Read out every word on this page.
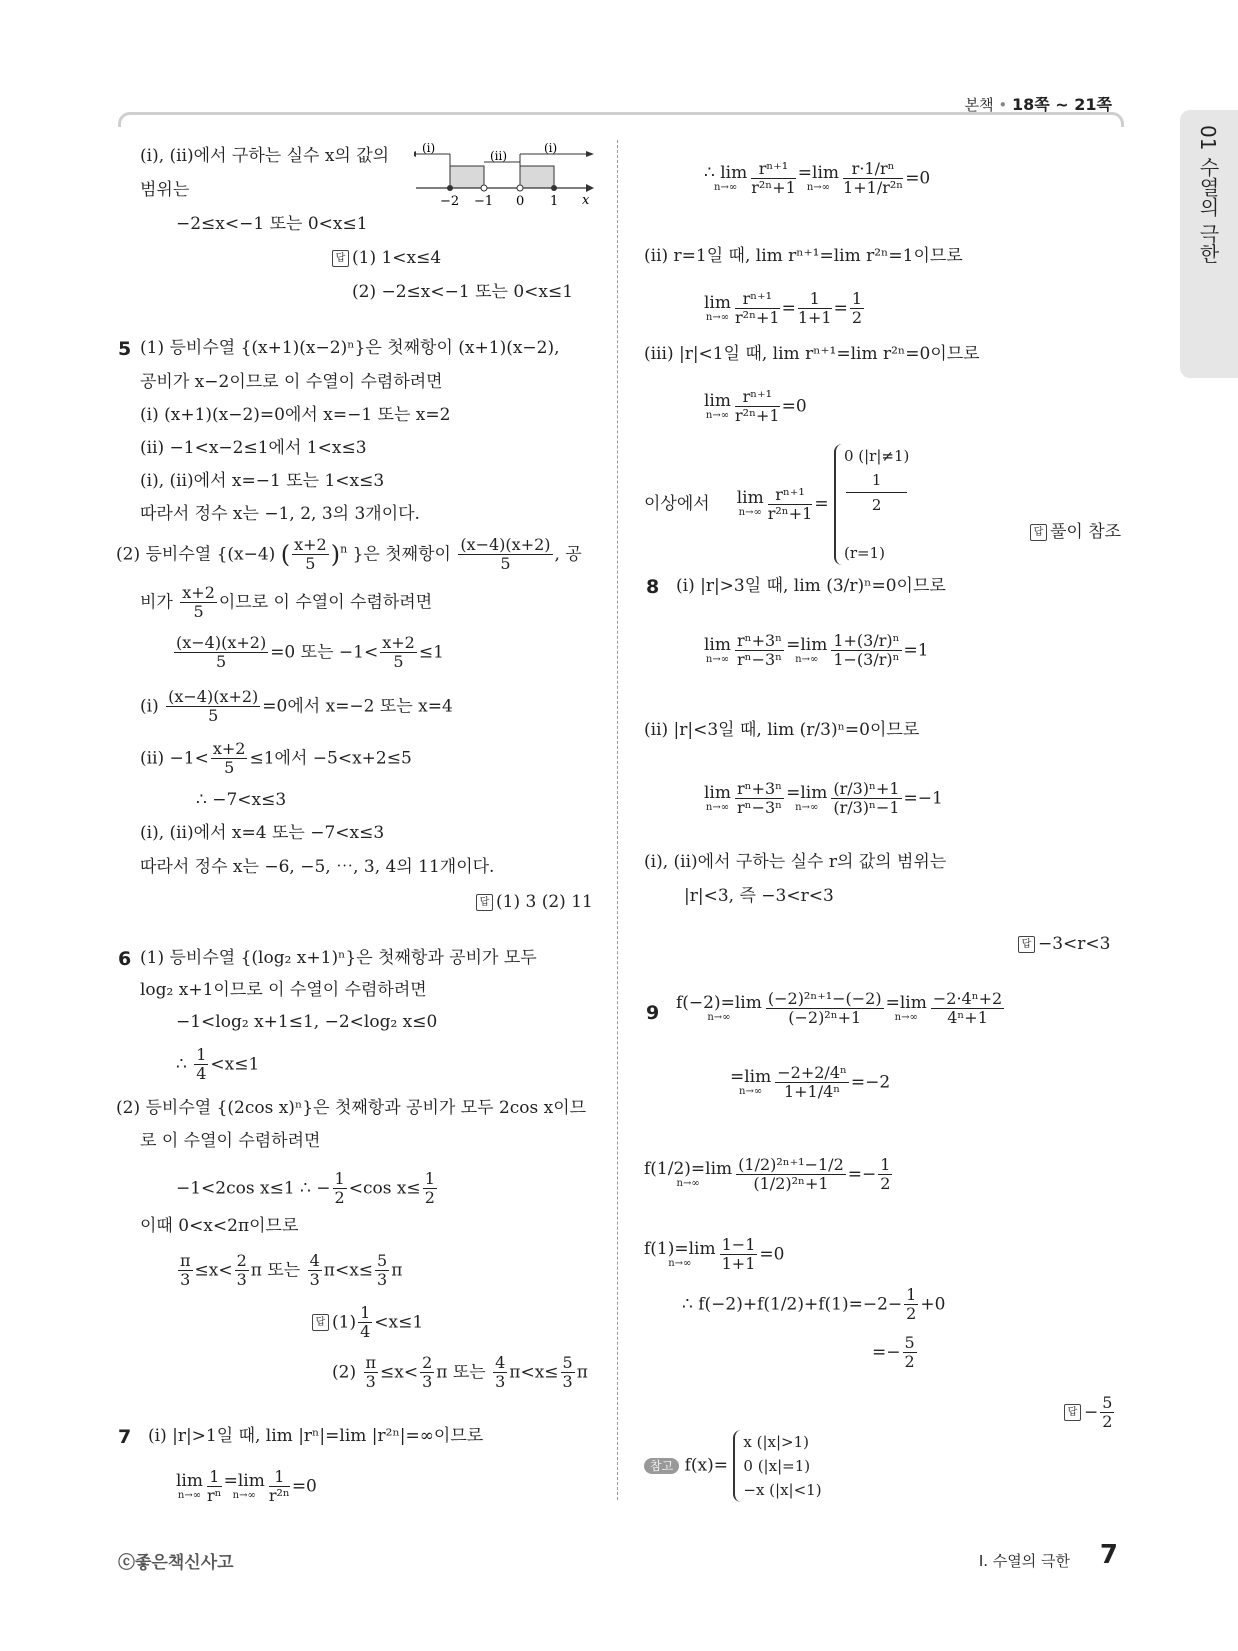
본책 • 18쪽 ~ 21쪽
01 수열의 극한
(ⅰ), (ⅱ)에서 구하는 실수 x의 값의
범위는
−2≤x<−1 또는 0<x≤1
(ⅰ)
(ⅱ)
(ⅰ)
−2 −1 0 1 x
답 (1) 1<x≤4
(2) −2≤x<−1 또는 0<x≤1
5 (1) 등비수열 {(x+1)(x−2)ⁿ}은 첫째항이 (x+1)(x−2),
공비가 x−2이므로 이 수열이 수렴하려면
(ⅰ) (x+1)(x−2)=0에서 x=−1 또는 x=2
(ⅱ) −1<x−2≤1에서 1<x≤3
(ⅰ), (ⅱ)에서 x=−1 또는 1<x≤3
따라서 정수 x는 −1, 2, 3의 3개이다.
(2) 등비수열 {(x−4) ( $\frac{x+2}{5} )^n$ }은 첫째항이 $\frac{(x-4)(x+2)}{5}$ , 공
비가 $\frac{x+2}{5}$ 이므로 이 수열이 수렴하려면
$\frac{(x-4)(x+2)}{5} =0$ 또는 $-1< \frac{x+2}{5} \le 1$
(ⅰ) $\frac{(x-4)(x+2)}{5} =0$에서 x=−2 또는 x=4
(ⅱ) $-1< \frac{x+2}{5} \le 1$에서 −5<x+2≤5
∴ −7<x≤3
(ⅰ), (ⅱ)에서 x=4 또는 −7<x≤3
따라서 정수 x는 −6, −5, ⋯, 3, 4의 11개이다.
답 (1) 3 (2) 11
6 (1) 등비수열 {(log₂ x+1)ⁿ}은 첫째항과 공비가 모두
log₂ x+1이므로 이 수열이 수렴하려면
−1<log₂ x+1≤1, −2<log₂ x≤0
∴ $\frac{1}{4} <x\le 1$
(2) 등비수열 {(2cos x)ⁿ}은 첫째항과 공비가 모두 2cos x이므
로 이 수열이 수렴하려면
−1<2cos x≤1 ∴ − $\frac{1}{2} <\cos$ $x\le \frac{1}{2}$
이때 0<x<2π이므로
$\frac{\pi}{3} \le x< \frac{2}{3}$ π 또는 $\frac{4}{3} \pi<x\le \frac{5}{3}$ π
답 $(1) \frac{1}{4} <x\le 1$
$(2) \frac{\pi}{3} \le x< \frac{2}{3}$ π 또는 $\frac{4}{3} \pi<x\le \frac{5}{3}$ π
7 (ⅰ) |r|>1일 때, lim |rⁿ|=lim |r²ⁿ|=∞이므로
lim
$n\to\infty \frac{1}{\text{rⁿ}} =\lim$
$n\to\infty \frac{1}{\text{r²ⁿ}} =0$
∴ lim
$n\to\infty \frac{\text{rⁿ⁺¹}}{\text{r²ⁿ+1}} =\lim$
$n\to\infty \frac{\text{r·1/rⁿ}}{\text{1+1/r²ⁿ}} =0$
(ⅱ) r=1일 때, lim rⁿ⁺¹=lim r²ⁿ=1이므로
lim
$n\to\infty \frac{\text{rⁿ⁺¹}}{\text{r²ⁿ+1}} = \frac{1}{1+1} = \frac{1}{2}$
(ⅲ) |r|<1일 때, lim rⁿ⁺¹=lim r²ⁿ=0이므로
lim
$n\to\infty \frac{\text{rⁿ⁺¹}}{\text{r²ⁿ+1}} =0$
이상에서 lim
$n\to\infty \frac{\text{rⁿ⁺¹}}{\text{r²ⁿ+1}}$ =
0 (|r|≠1)
1
2

(r=1)
답 풀이 참조
8 (ⅰ) |r|>3일 때, lim (3/r)ⁿ=0이므로
lim
$n\to\infty \frac{\text{rⁿ+3ⁿ}}{\text{rⁿ−3ⁿ}} =\lim$
$n\to\infty \frac{\text{1+(3/r)ⁿ}}{\text{1−(3/r)ⁿ}} =1$
(ⅱ) |r|<3일 때, lim (r/3)ⁿ=0이므로
lim
$n\to\infty \frac{\text{rⁿ+3ⁿ}}{\text{rⁿ−3ⁿ}} =\lim$
$n\to\infty \frac{\text{(r/3)ⁿ+1}}{\text{(r/3)ⁿ−1}} =-1$
(ⅰ), (ⅱ)에서 구하는 실수 r의 값의 범위는
|r|<3, 즉 −3<r<3
답 −3<r<3
9 f(−2)=lim
n→∞	$\frac{\text{(−2)²ⁿ⁺¹−(−2)}}{\text{(−2)²ⁿ+1}} =\lim$
$n\to\infty \frac{\text{−2·4ⁿ+2}}{\text{4ⁿ+1}}$
=lim
$n\to\infty \frac{\text{−2+2/4ⁿ}}{\text{1+1/4ⁿ}} =-2$
f(1/2)=lim
n→∞	$\frac{\text{(1/2)²ⁿ⁺¹−1/2}}{\text{(1/2)²ⁿ+1}} =- \frac{1}{2}$
f(1)=lim
n→∞	$\frac{1-1}{1+1} =0$
∴ $f(-2)+f(1/2)+f(1)=-2- \frac{1}{2} +0$
=− $\frac{5}{2}$
답 − $\frac{5}{2}$
참고 f(x)=
x (|x|>1)
0 (|x|=1)
−x (|x|<1)
ⓒ좋은책신사고	Ⅰ. 수열의 극한 7
